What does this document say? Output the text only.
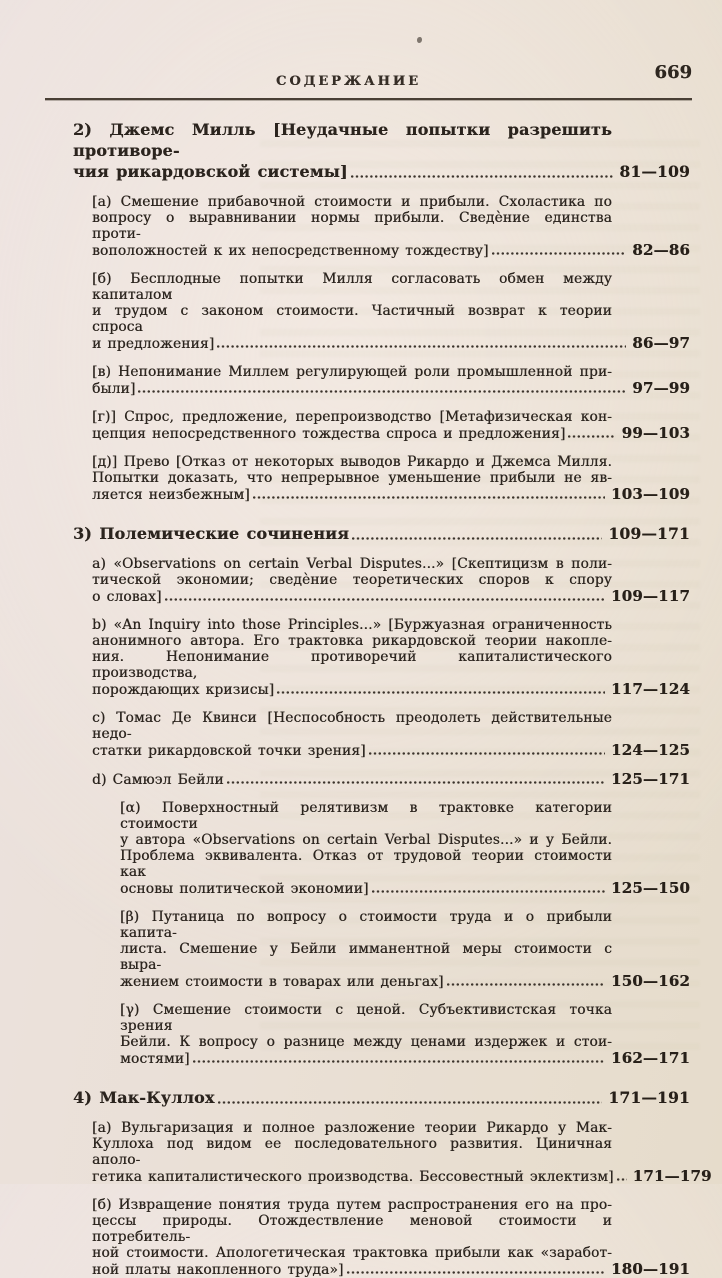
СОДЕРЖАНИЕ	669
2) Джемс Милль [Неудачные попытки разрешить противоре-
чия рикардовской системы]	81—109
[а) Смешение прибавочной стоимости и прибыли. Схоластика по
вопросу о выравнивании нормы прибыли. Сведѐние единства проти-
воположностей к их непосредственному тождеству]	82—86
[б) Бесплодные попытки Милля согласовать обмен между капиталом
и трудом с законом стоимости. Частичный возврат к теории спроса
и предложения]	86—97
[в) Непонимание Миллем регулирующей роли промышленной при-
были]	97—99
[г)] Спрос, предложение, перепроизводство [Метафизическая кон-
цепция непосредственного тождества спроса и предложения]	99—103
[д)] Прево [Отказ от некоторых выводов Рикардо и Джемса Милля.
Попытки доказать, что непрерывное уменьшение прибыли не яв-
ляется неизбежным]	103—109
3) Полемические сочинения	109—171
a) «Observations on certain Verbal Disputes...» [Скептицизм в поли-
тической экономии; сведѐние теоретических споров к спору
о словах]	109—117
b) «An Inquiry into those Principles...» [Буржуазная ограниченность
анонимного автора. Его трактовка рикардовской теории накопле-
ния. Непонимание противоречий капиталистического производства,
порождающих кризисы]	117—124
c) Томас Де Квинси [Неспособность преодолеть действительные недо-
статки рикардовской точки зрения]	124—125
d) Самюэл Бейли	125—171
[α) Поверхностный релятивизм в трактовке категории стоимости
у автора «Observations on certain Verbal Disputes...» и у Бейли.
Проблема эквивалента. Отказ от трудовой теории стоимости как
основы политической экономии]	125—150
[β) Путаница по вопросу о стоимости труда и о прибыли капита-
листа. Смешение у Бейли имманентной меры стоимости с выра-
жением стоимости в товарах или деньгах]	150—162
[γ) Смешение стоимости с ценой. Субъективистская точка зрения
Бейли. К вопросу о разнице между ценами издержек и стои-
мостями]	162—171
4) Мак-Куллох	171—191
[а) Вульгаризация и полное разложение теории Рикардо у Мак-
Куллоха под видом ее последовательного развития. Циничная аполо-
гетика капиталистического производства. Бессовестный эклектизм] 171—179
[б) Извращение понятия труда путем распространения его на про-
цессы природы. Отождествление меновой стоимости и потребитель-
ной стоимости. Апологетическая трактовка прибыли как «заработ-
ной платы накопленного труда»]	180—191
